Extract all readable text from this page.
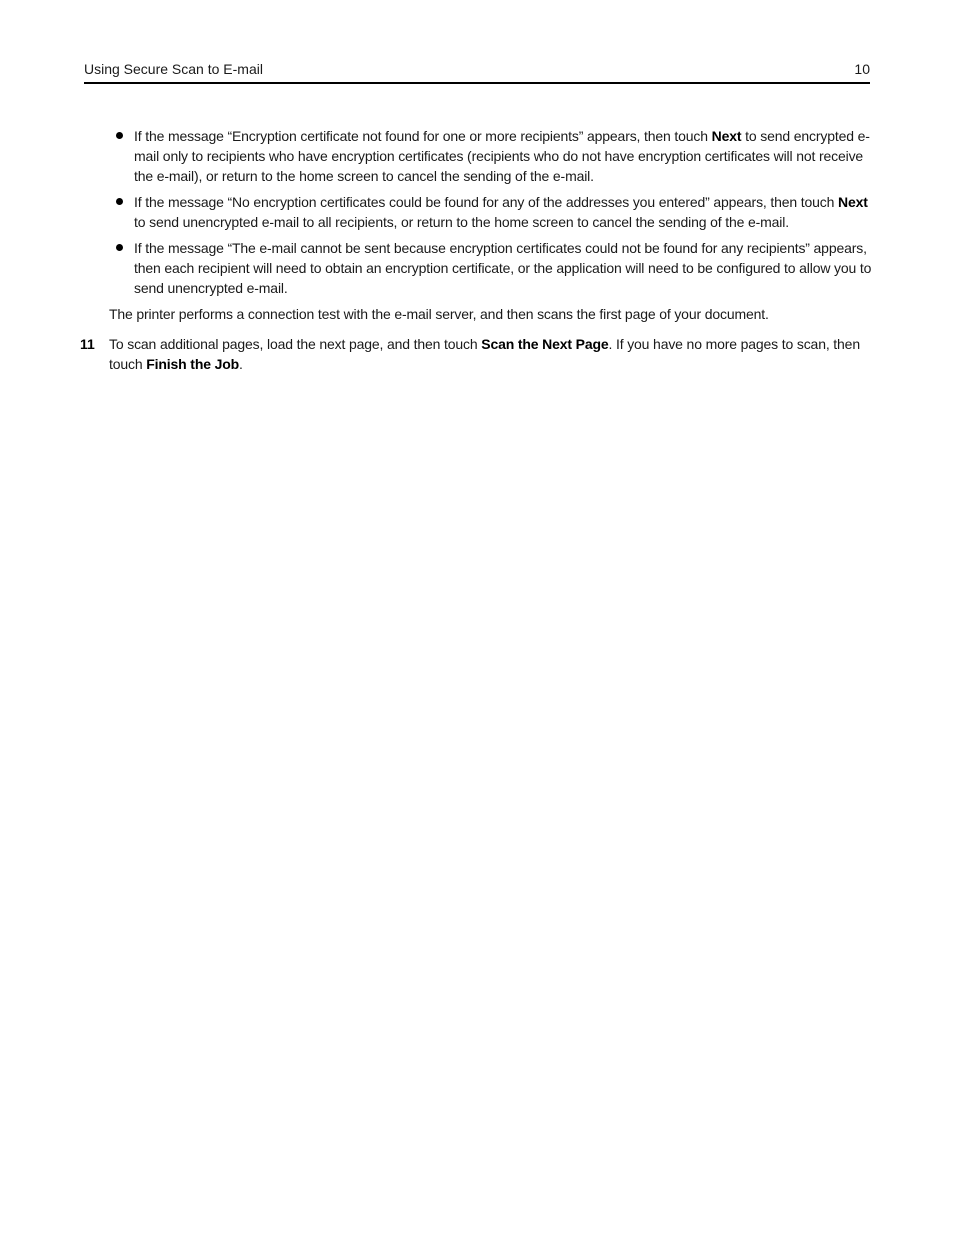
Using Secure Scan to E-mail	10
If the message “Encryption certificate not found for one or more recipients” appears, then touch Next to send encrypted e-mail only to recipients who have encryption certificates (recipients who do not have encryption certificates will not receive the e-mail), or return to the home screen to cancel the sending of the e-mail.
If the message “No encryption certificates could be found for any of the addresses you entered” appears, then touch Next to send unencrypted e-mail to all recipients, or return to the home screen to cancel the sending of the e-mail.
If the message “The e-mail cannot be sent because encryption certificates could not be found for any recipients” appears, then each recipient will need to obtain an encryption certificate, or the application will need to be configured to allow you to send unencrypted e-mail.

The printer performs a connection test with the e-mail server, and then scans the first page of your document.

11 To scan additional pages, load the next page, and then touch Scan the Next Page. If you have no more pages to scan, then touch Finish the Job.
